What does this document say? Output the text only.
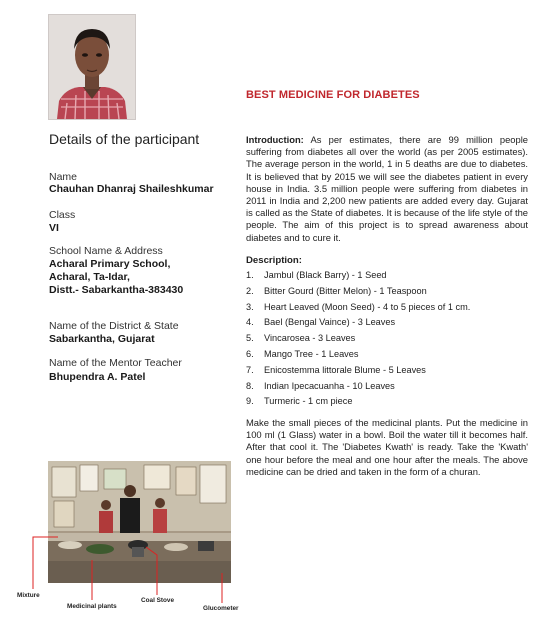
BEST MEDICINE FOR DIABETES
Details of the participant
Name
Chauhan Dhanraj Shaileshkumar
Class
VI
School Name & Address
Acharal Primary School,
Acharal, Ta-Idar,
Distt.- Sabarkantha-383430
Name of the District & State
Sabarkantha, Gujarat
Name of the Mentor Teacher
Bhupendra A. Patel
Introduction: As per estimates, there are 99 million people suffering from diabetes all over the world (as per 2005 estimates). The average person in the world, 1 in 5 deaths are due to diabetes. It is believed that by 2015 we will see the diabetes patient in every house in India. 3.5 million people were suffering from diabetes in 2011 in India and 2,200 new patients are added every day. Gujarat is called as the State of diabetes. It is because of the life style of the people. The aim of this project is to spread awareness about diabetes and to cure it.
Description:
1. Jambul (Black Barry) - 1 Seed
2. Bitter Gourd (Bitter Melon) - 1 Teaspoon
3. Heart Leaved (Moon Seed) - 4 to 5 pieces of 1 cm.
4. Bael (Bengal Vaince) - 3 Leaves
5. Vincarosea - 3 Leaves
6. Mango Tree - 1 Leaves
7. Enicostemma littorale Blume - 5 Leaves
8. Indian Ipecacuanha - 10 Leaves
9. Turmeric - 1 cm piece
Make the small pieces of the medicinal plants. Put the medicine in 100 ml (1 Glass) water in a bowl. Boil the water till it becomes half. After that cool it. The 'Diabetes Kwath' is ready. Take the 'Kwath' one hour before the meal and one hour after the meals. The above medicine can be dried and taken in the form of a churan.
Mixture
Medicinal plants
Coal Stove
Glucometer
